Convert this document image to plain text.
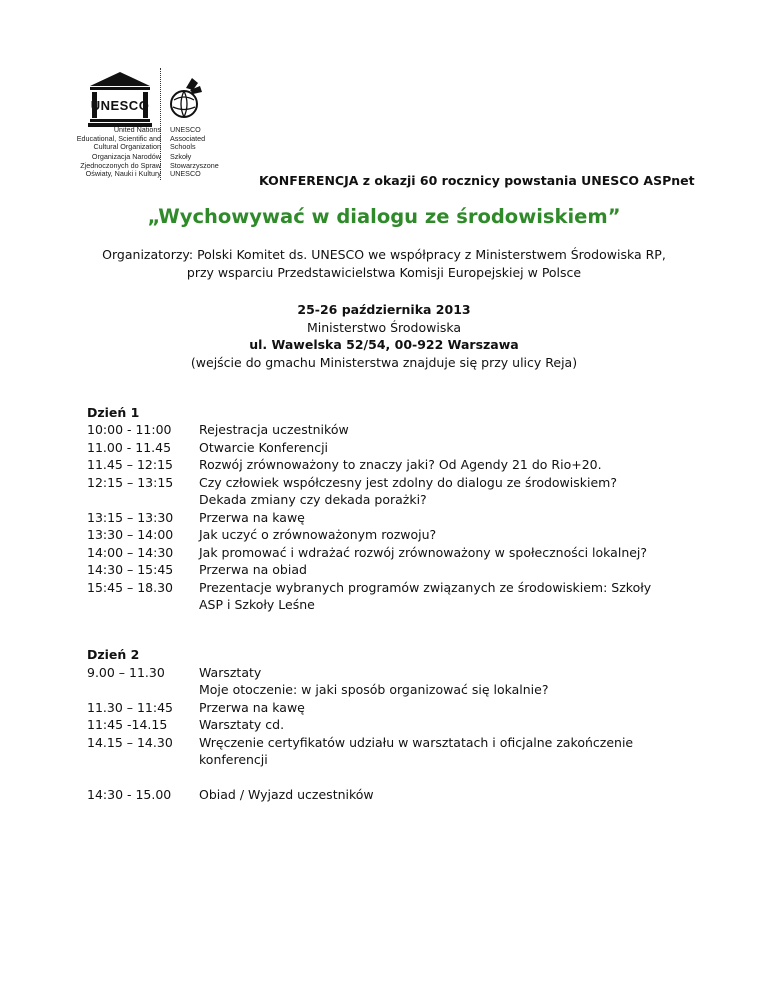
UNESCO
United Nations
Educational, Scientific and
Cultural Organization
Organizacja Narodów
Zjednoczonych do Spraw
Oświaty, Nauki i Kultury
UNESCO
Associated
Schools
Szkoły
Stowarzyszone
UNESCO	KONFERENCJA z okazji 60 rocznicy powstania UNESCO ASPnet
„Wychowywać w dialogu ze środowiskiem”
Organizatorzy: Polski Komitet ds. UNESCO we współpracy z Ministerstwem Środowiska RP,
przy wsparciu Przedstawicielstwa Komisji Europejskiej w Polsce
25-26 października 2013
Ministerstwo Środowiska
ul. Wawelska 52/54, 00-922 Warszawa
(wejście do gmachu Ministerstwa znajduje się przy ulicy Reja)
Dzień 1
10:00 - 11:00 Rejestracja uczestników
11.00 - 11.45 Otwarcie Konferencji
11.45 – 12:15 Rozwój zrównoważony to znaczy jaki? Od Agendy 21 do Rio+20.
12:15 – 13:15 Czy człowiek współczesny jest zdolny do dialogu ze środowiskiem?
Dekada zmiany czy dekada porażki?
13:15 – 13:30 Przerwa na kawę
13:30 – 14:00 Jak uczyć o zrównoważonym rozwoju?
14:00 – 14:30 Jak promować i wdrażać rozwój zrównoważony w społeczności lokalnej?
14:30 – 15:45 Przerwa na obiad
15:45 – 18.30 Prezentacje wybranych programów związanych ze środowiskiem: Szkoły
ASP i Szkoły Leśne
Dzień 2
9.00 – 11.30	Warsztaty
Moje otoczenie: w jaki sposób organizować się lokalnie?
11.30 – 11:45 Przerwa na kawę
11:45 -14.15	Warsztaty cd.
14.15 – 14.30 Wręczenie certyfikatów udziału w warsztatach i oficjalne zakończenie
konferencji
14:30 - 15.00 Obiad / Wyjazd uczestników
